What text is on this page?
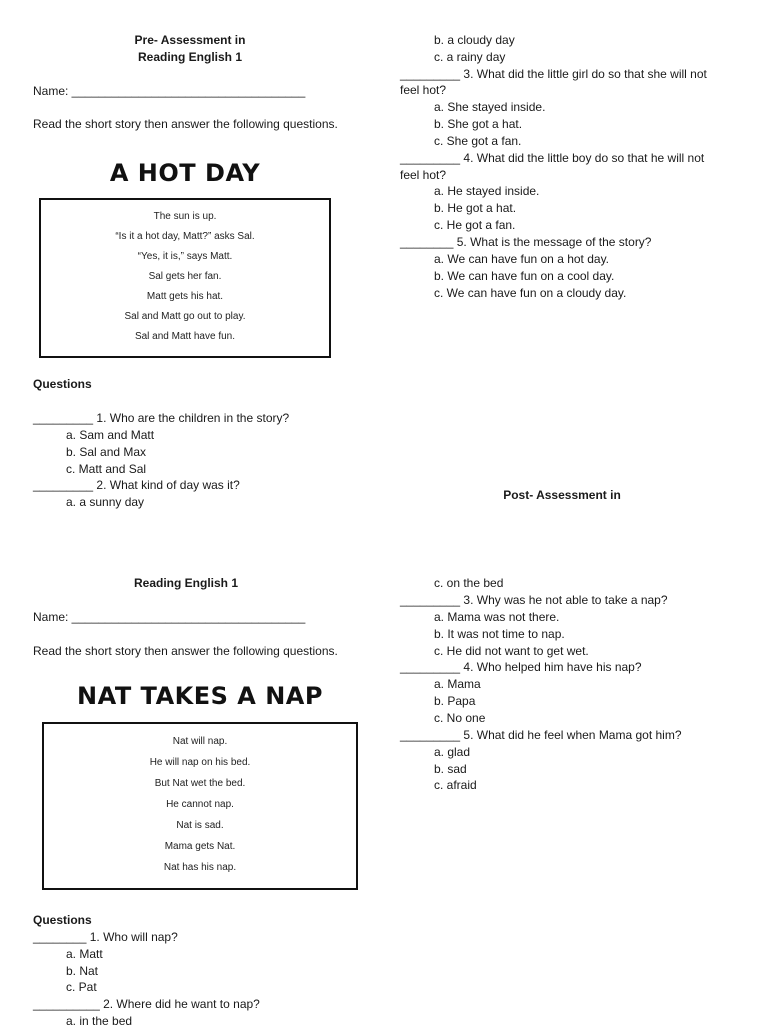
Pre- Assessment in
Reading English 1
Name: ___________________________________
Read the short story then answer the following questions.
A HOT DAY
The sun is up.
“Is it a hot day, Matt?” asks Sal.
“Yes, it is,” says Matt.
Sal gets her fan.
Matt gets his hat.
Sal and Matt go out to play.
Sal and Matt have fun.
Questions
_________ 1. Who are the children in the story?
a. Sam and Matt
b. Sal and Max
c. Matt and Sal
_________ 2. What kind of day was it?
a. a sunny day
b. a cloudy day
c. a rainy day
_________ 3. What did the little girl do so that she will not
feel hot?
a. She stayed inside.
b. She got a hat.
c. She got a fan.
_________ 4. What did the little boy do so that he will not
feel hot?
a. He stayed inside.
b. He got a hat.
c. He got a fan.
________ 5. What is the message of the story?
a. We can have fun on a hot day.
b. We can have fun on a cool day.
c. We can have fun on a cloudy day.
Post- Assessment in
Reading English 1
Name: ___________________________________
Read the short story then answer the following questions.
NAT TAKES A NAP
Nat will nap.
He will nap on his bed.
But Nat wet the bed.
He cannot nap.
Nat is sad.
Mama gets Nat.
Nat has his nap.
Questions
________ 1. Who will nap?
a. Matt
b. Nat
c. Pat
__________ 2. Where did he want to nap?
a. in the bed
c. on the bed
_________ 3. Why was he not able to take a nap?
a. Mama was not there.
b. It was not time to nap.
c. He did not want to get wet.
_________ 4. Who helped him have his nap?
a. Mama
b. Papa
c. No one
_________ 5. What did he feel when Mama got him?
a. glad
b. sad
c. afraid
